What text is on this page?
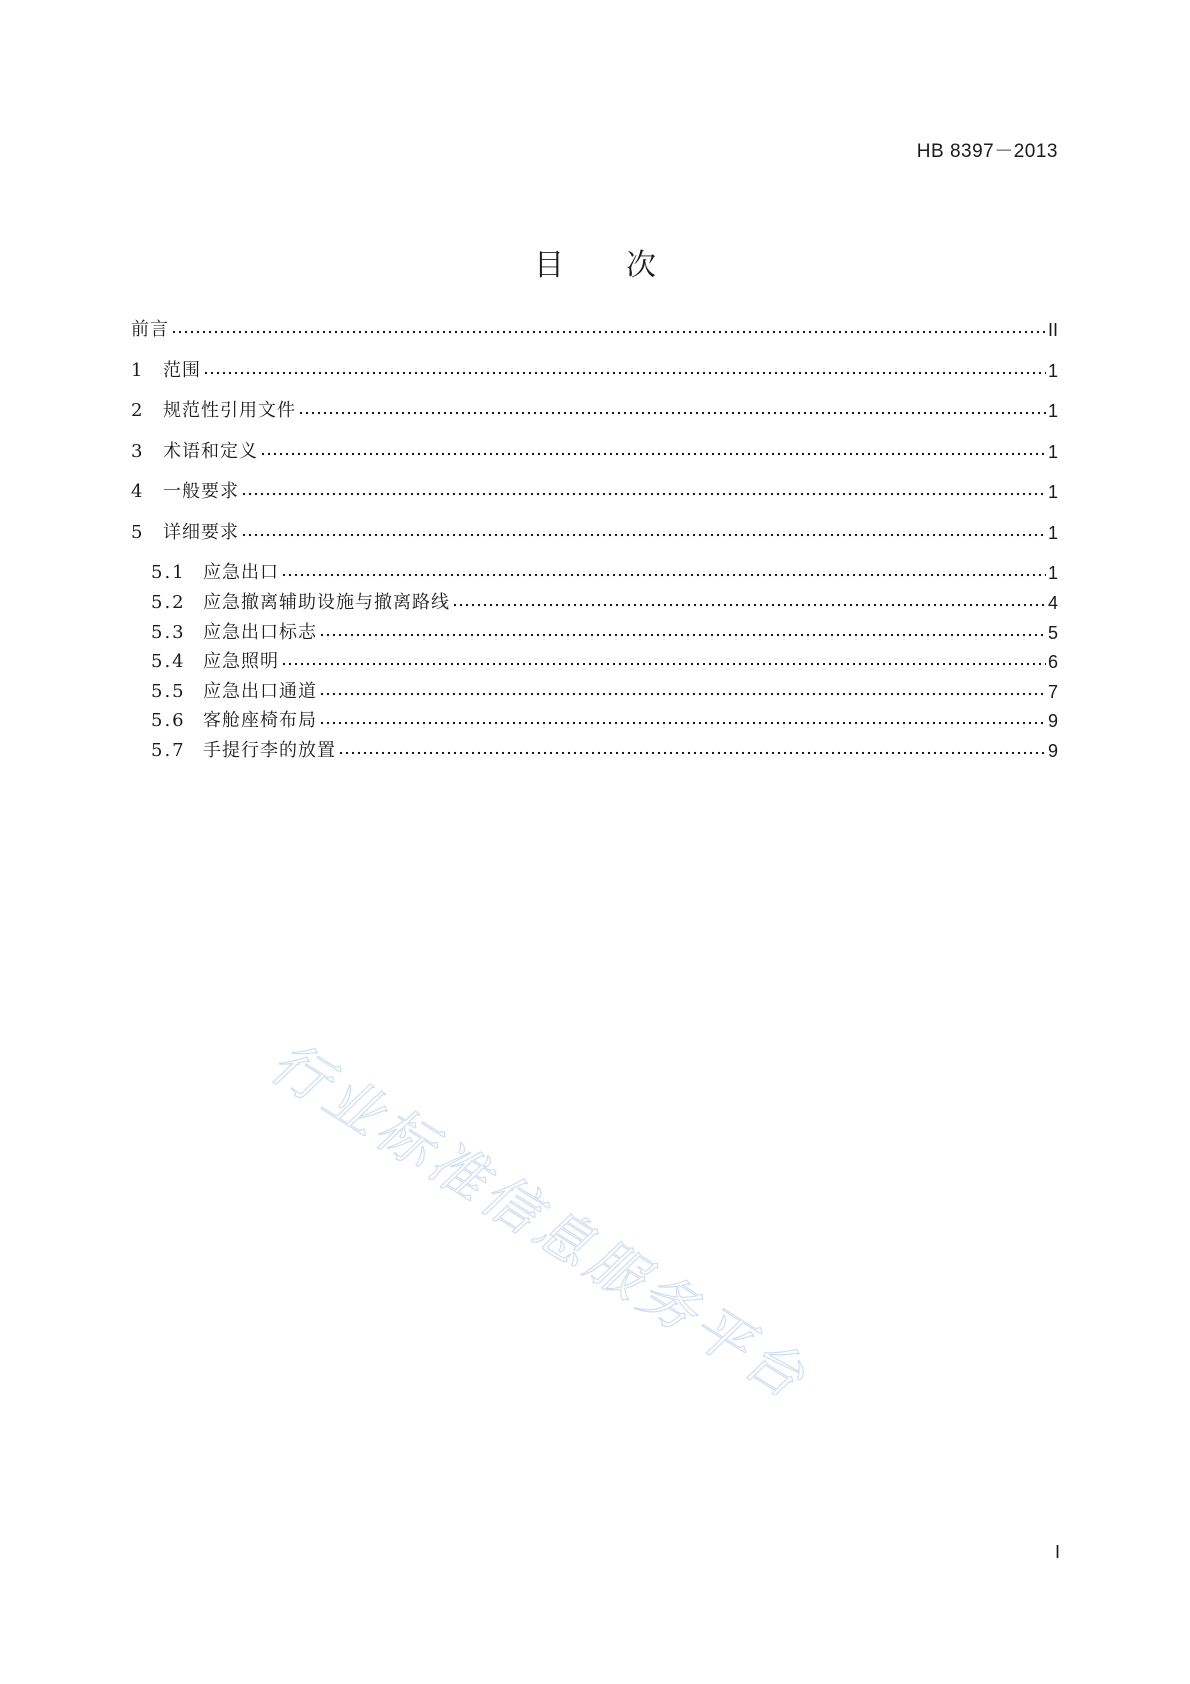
HB 8397－2013
目 次
前言	II
1	范围	1
2	规范性引用文件	1
3	术语和定义	1
4	一般要求	1
5	详细要求	1
5.1 应急出口	1
5.2 应急撤离辅助设施与撤离路线	4
5.3 应急出口标志	5
5.4 应急照明	6
5.5 应急出口通道	7
5.6 客舱座椅布局	9
5.7 手提行李的放置	9
行业标准信息服务平台
I
